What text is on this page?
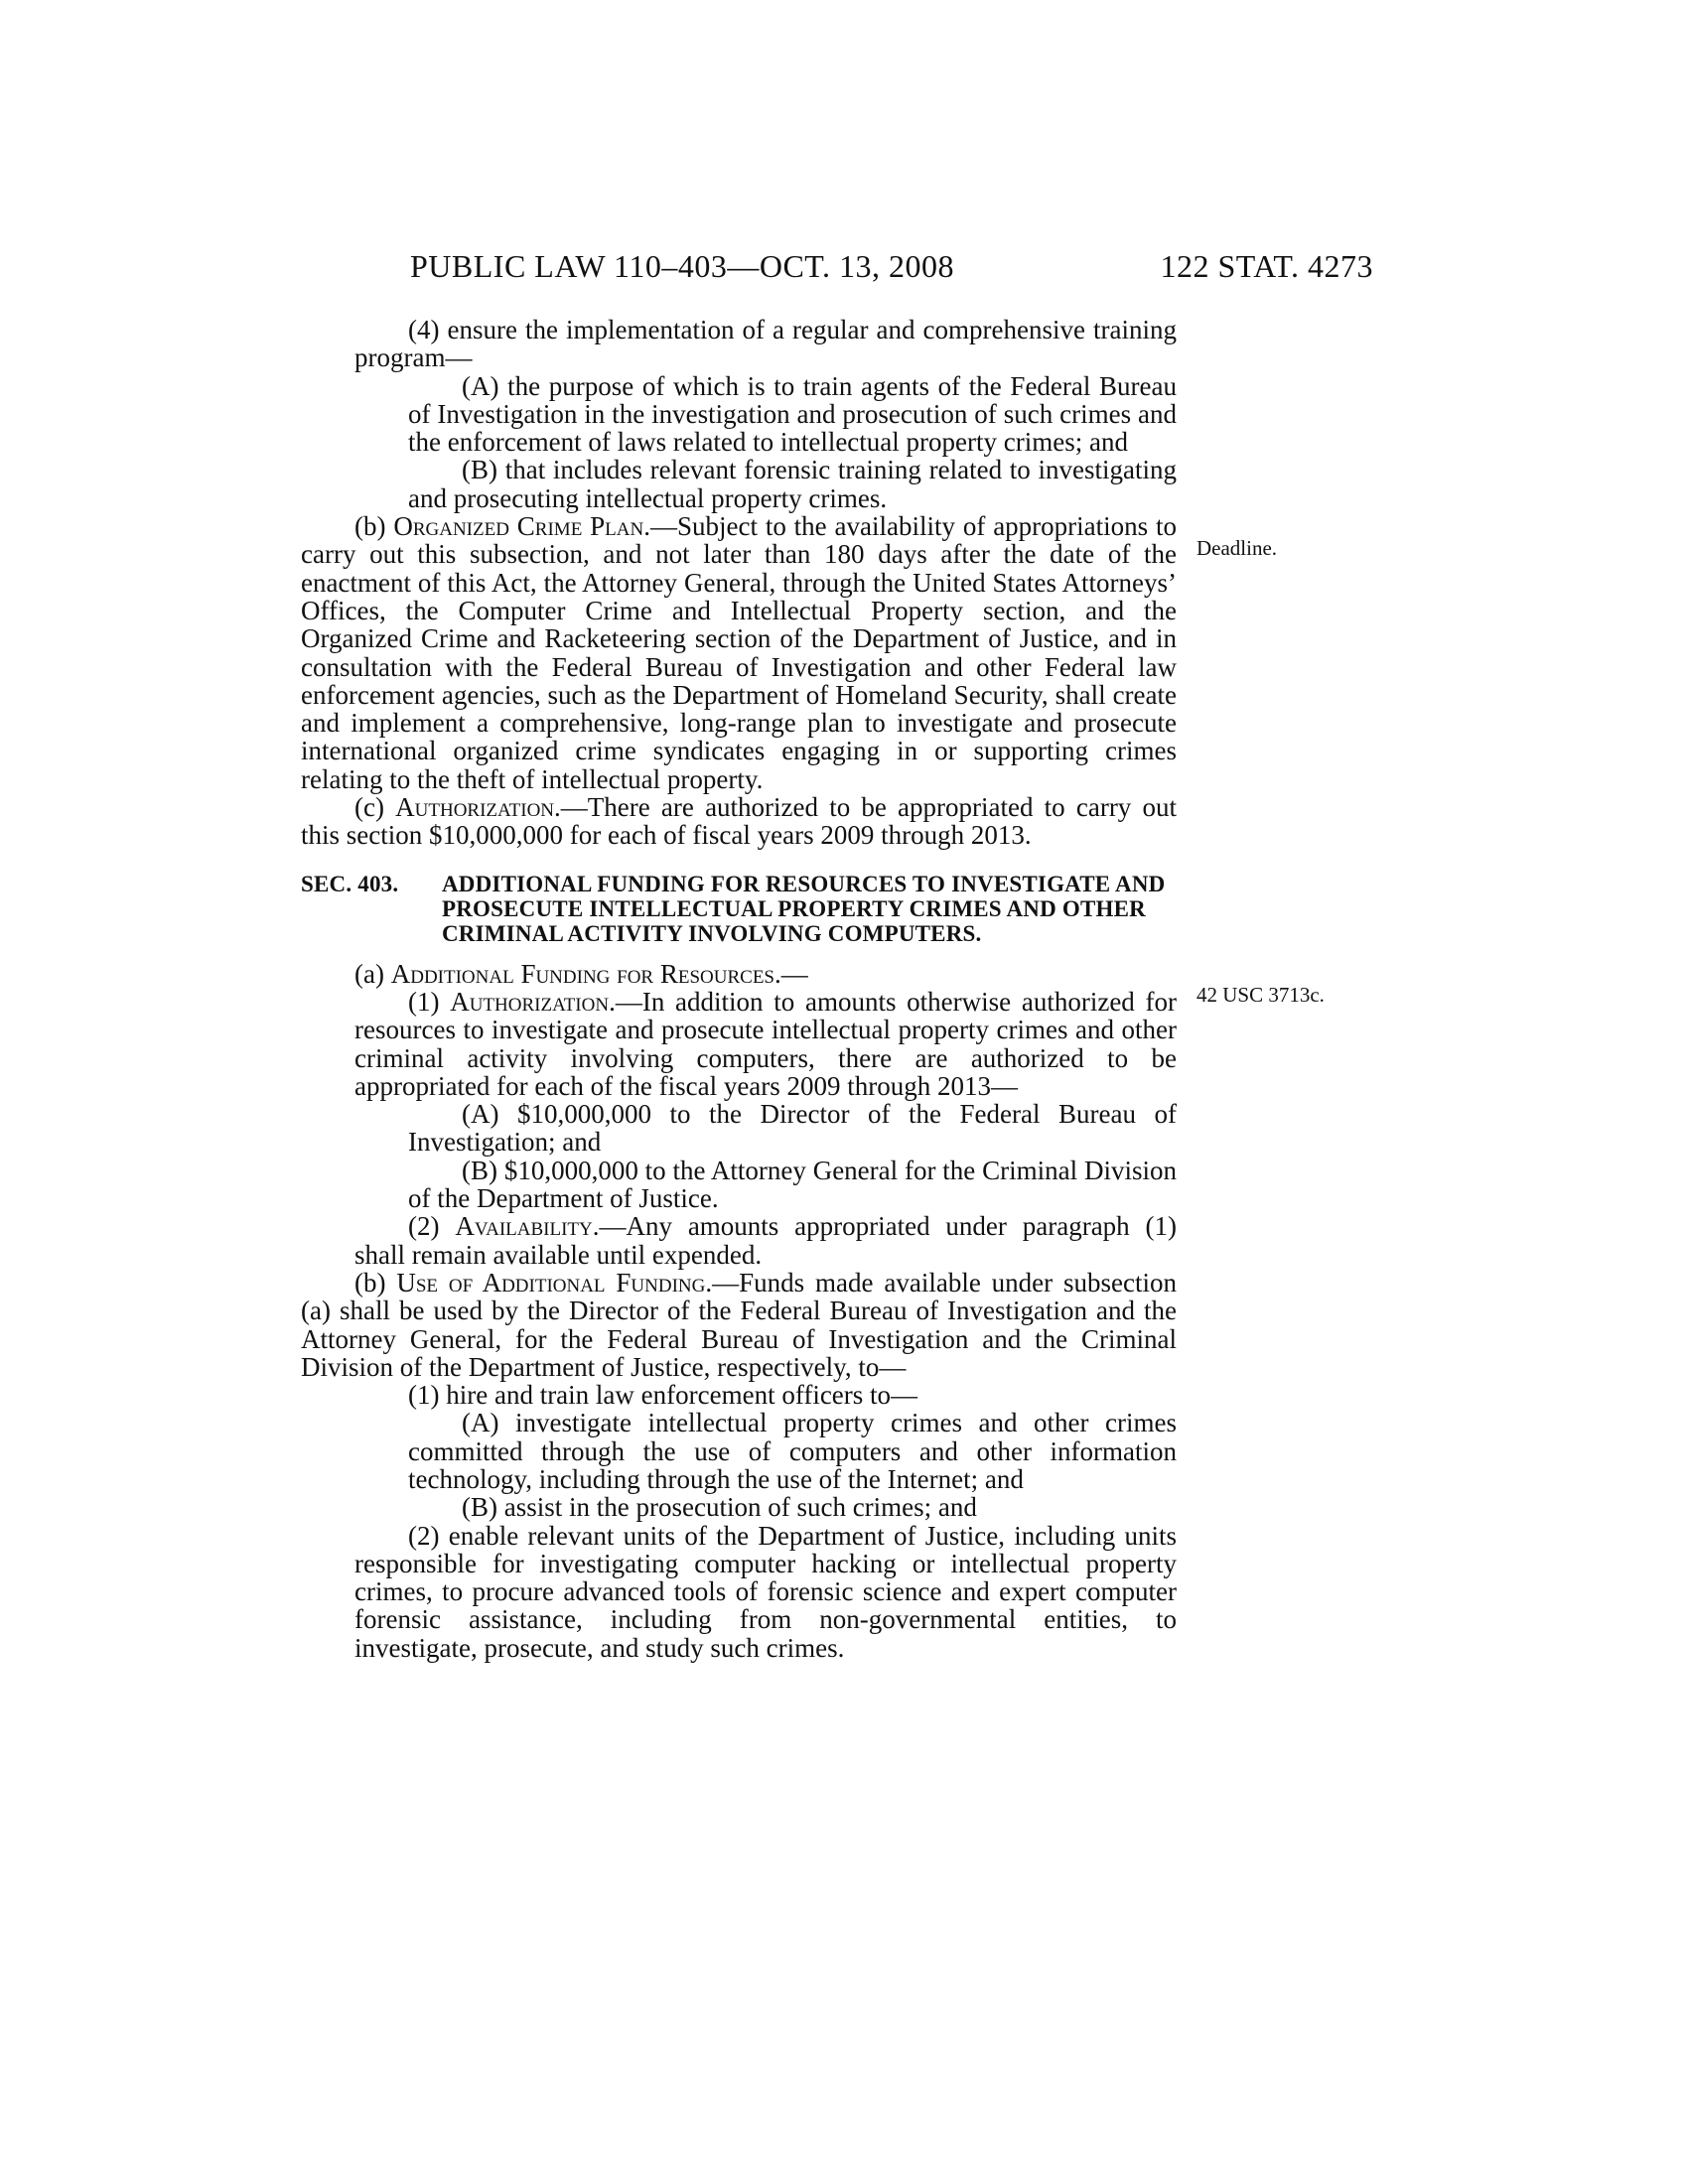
PUBLIC LAW 110–403—OCT. 13, 2008	122 STAT. 4273
Deadline.
42 USC 3713c.

(4) ensure the implementation of a regular and comprehensive training program—

(A) the purpose of which is to train agents of the Federal Bureau of Investigation in the investigation and prosecution of such crimes and the enforcement of laws related to intellectual property crimes; and

(B) that includes relevant forensic training related to investigating and prosecuting intellectual property crimes.

(b) Organized Crime Plan.—Subject to the availability of appropriations to carry out this subsection, and not later than 180 days after the date of the enactment of this Act, the Attorney General, through the United States Attorneys’ Offices, the Computer Crime and Intellectual Property section, and the Organized Crime and Racketeering section of the Department of Justice, and in consultation with the Federal Bureau of Investigation and other Federal law enforcement agencies, such as the Department of Homeland Security, shall create and implement a comprehensive, long-range plan to investigate and prosecute international organized crime syndicates engaging in or supporting crimes relating to the theft of intellectual property.

(c) Authorization.—There are authorized to be appropriated to carry out this section $10,000,000 for each of fiscal years 2009 through 2013.

SEC. 403. ADDITIONAL FUNDING FOR RESOURCES TO INVESTIGATE AND PROSECUTE INTELLECTUAL PROPERTY CRIMES AND OTHER CRIMINAL ACTIVITY INVOLVING COMPUTERS.

(a) Additional Funding for Resources.—

(1) Authorization.—In addition to amounts otherwise authorized for resources to investigate and prosecute intellectual property crimes and other criminal activity involving computers, there are authorized to be appropriated for each of the fiscal years 2009 through 2013—

(A) $10,000,000 to the Director of the Federal Bureau of Investigation; and

(B) $10,000,000 to the Attorney General for the Criminal Division of the Department of Justice.

(2) Availability.—Any amounts appropriated under paragraph (1) shall remain available until expended.

(b) Use of Additional Funding.—Funds made available under subsection (a) shall be used by the Director of the Federal Bureau of Investigation and the Attorney General, for the Federal Bureau of Investigation and the Criminal Division of the Department of Justice, respectively, to—

(1) hire and train law enforcement officers to—

(A) investigate intellectual property crimes and other crimes committed through the use of computers and other information technology, including through the use of the Internet; and

(B) assist in the prosecution of such crimes; and

(2) enable relevant units of the Department of Justice, including units responsible for investigating computer hacking or intellectual property crimes, to procure advanced tools of forensic science and expert computer forensic assistance, including from non-governmental entities, to investigate, prosecute, and study such crimes.
